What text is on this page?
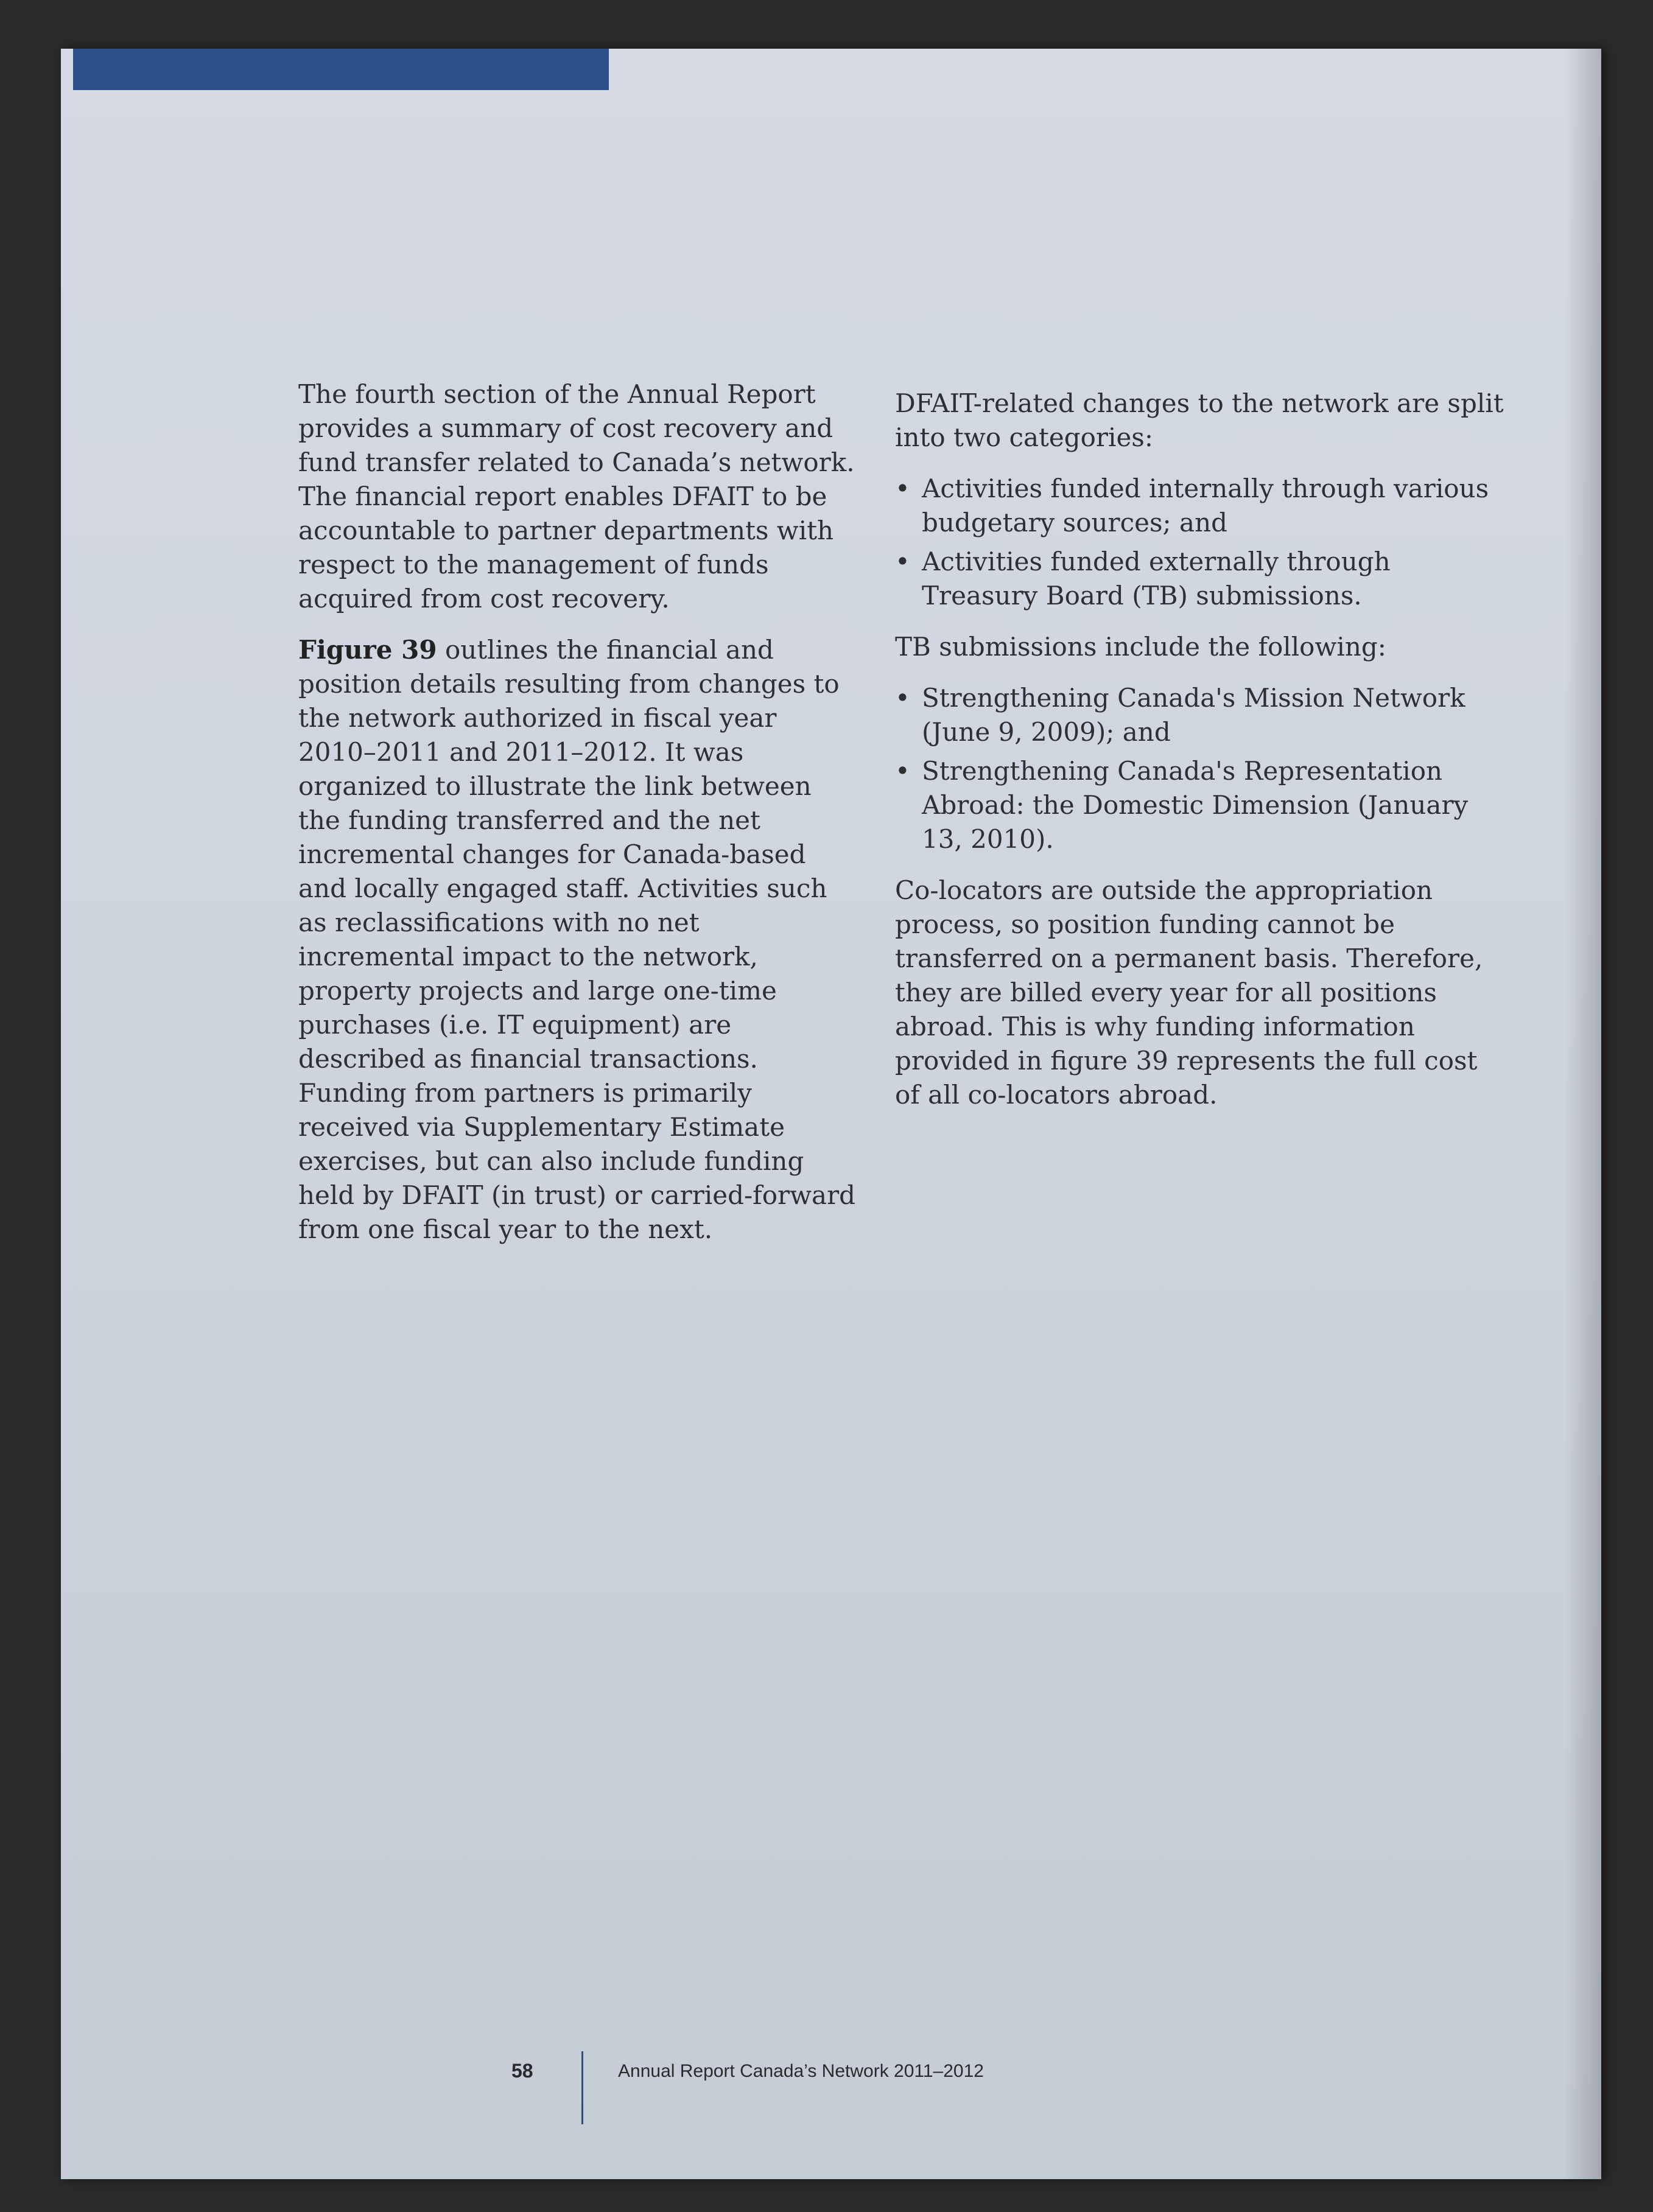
The fourth section of the Annual Report provides a summary of cost recovery and fund transfer related to Canada’s network. The financial report enables DFAIT to be accountable to partner departments with respect to the management of funds acquired from cost recovery.

Figure 39 outlines the financial and position details resulting from changes to the network authorized in fiscal year 2010–2011 and 2011–2012. It was organized to illustrate the link between the funding transferred and the net incremental changes for Canada-based and locally engaged staff. Activities such as reclassifications with no net incremental impact to the network, property projects and large one-time purchases (i.e. IT equipment) are described as financial transactions. Funding from partners is primarily received via Supplementary Estimate exercises, but can also include funding held by DFAIT (in trust) or carried-forward from one fiscal year to the next.

DFAIT-related changes to the network are split into two categories:

• Activities funded internally through various budgetary sources; and
• Activities funded externally through Treasury Board (TB) submissions.

TB submissions include the following:

• Strengthening Canada's Mission Network (June 9, 2009); and
• Strengthening Canada's Representation Abroad: the Domestic Dimension (January 13, 2010).

Co-locators are outside the appropriation process, so position funding cannot be transferred on a permanent basis. Therefore, they are billed every year for all positions abroad. This is why funding information provided in figure 39 represents the full cost of all co-locators abroad.

58	Annual Report Canada’s Network 2011–2012
